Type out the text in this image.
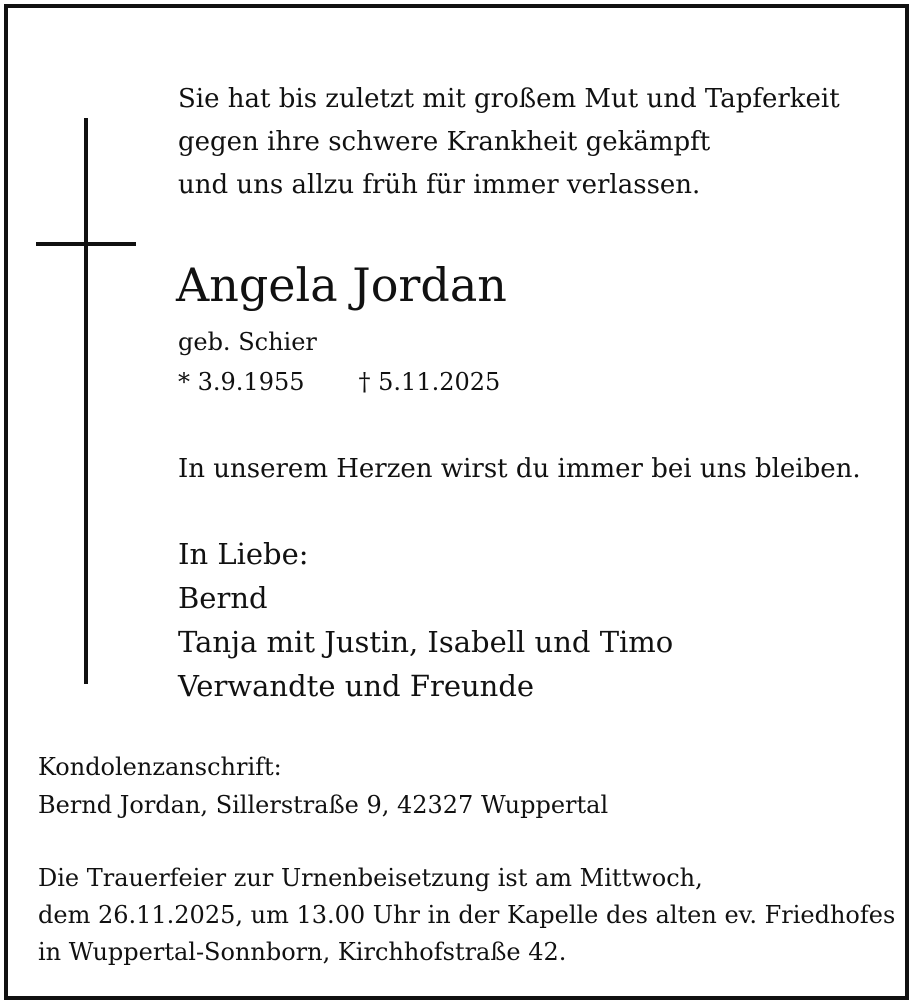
Sie hat bis zuletzt mit großem Mut und Tapferkeit
gegen ihre schwere Krankheit gekämpft
und uns allzu früh für immer verlassen.
Angela Jordan
geb. Schier
* 3.9.1955 † 5.11.2025
In unserem Herzen wirst du immer bei uns bleiben.
In Liebe:
Bernd
Tanja mit Justin, Isabell und Timo
Verwandte und Freunde
Kondolenzanschrift:
Bernd Jordan, Sillerstraße 9, 42327 Wuppertal
Die Trauerfeier zur Urnenbeisetzung ist am Mittwoch,
dem 26.11.2025, um 13.00 Uhr in der Kapelle des alten ev. Friedhofes
in Wuppertal-Sonnborn, Kirchhofstraße 42.
